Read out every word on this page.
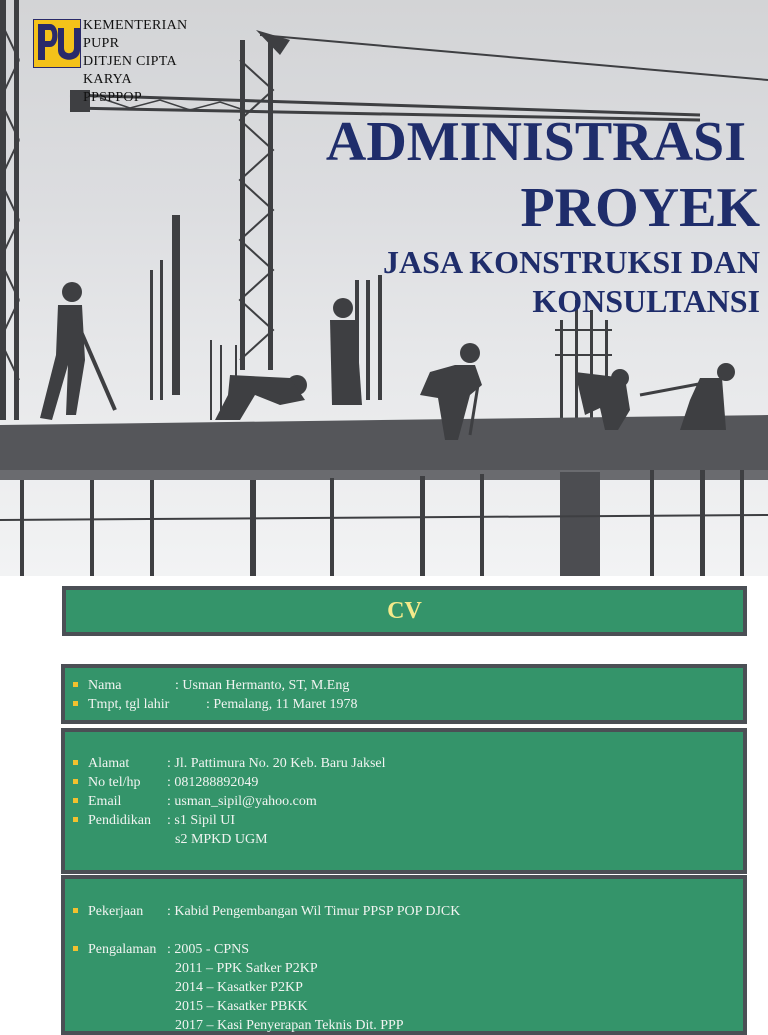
KEMENTERIAN
PUPR
DITJEN CIPTA
KARYA
PPSPPOP
ADMINISTRASI
PROYEK
JASA KONSTRUKSI DAN
KONSULTANSI
CV
Nama	: Usman Hermanto, ST, M.Eng
Tmpt, tgl lahir	: Pemalang, 11 Maret 1978
Alamat	: Jl. Pattimura No. 20 Keb. Baru Jaksel
No tel/hp : 081288892049
Email	: usman_sipil@yahoo.com
Pendidikan : s1 Sipil UI
s2 MPKD UGM
Pekerjaan : Kabid Pengembangan Wil Timur PPSP POP DJCK
Pengalaman : 2005 - CPNS
2011 – PPK Satker P2KP
2014 – Kasatker P2KP
2015 – Kasatker PBKK
2017 – Kasi Penyerapan Teknis Dit. PPP
